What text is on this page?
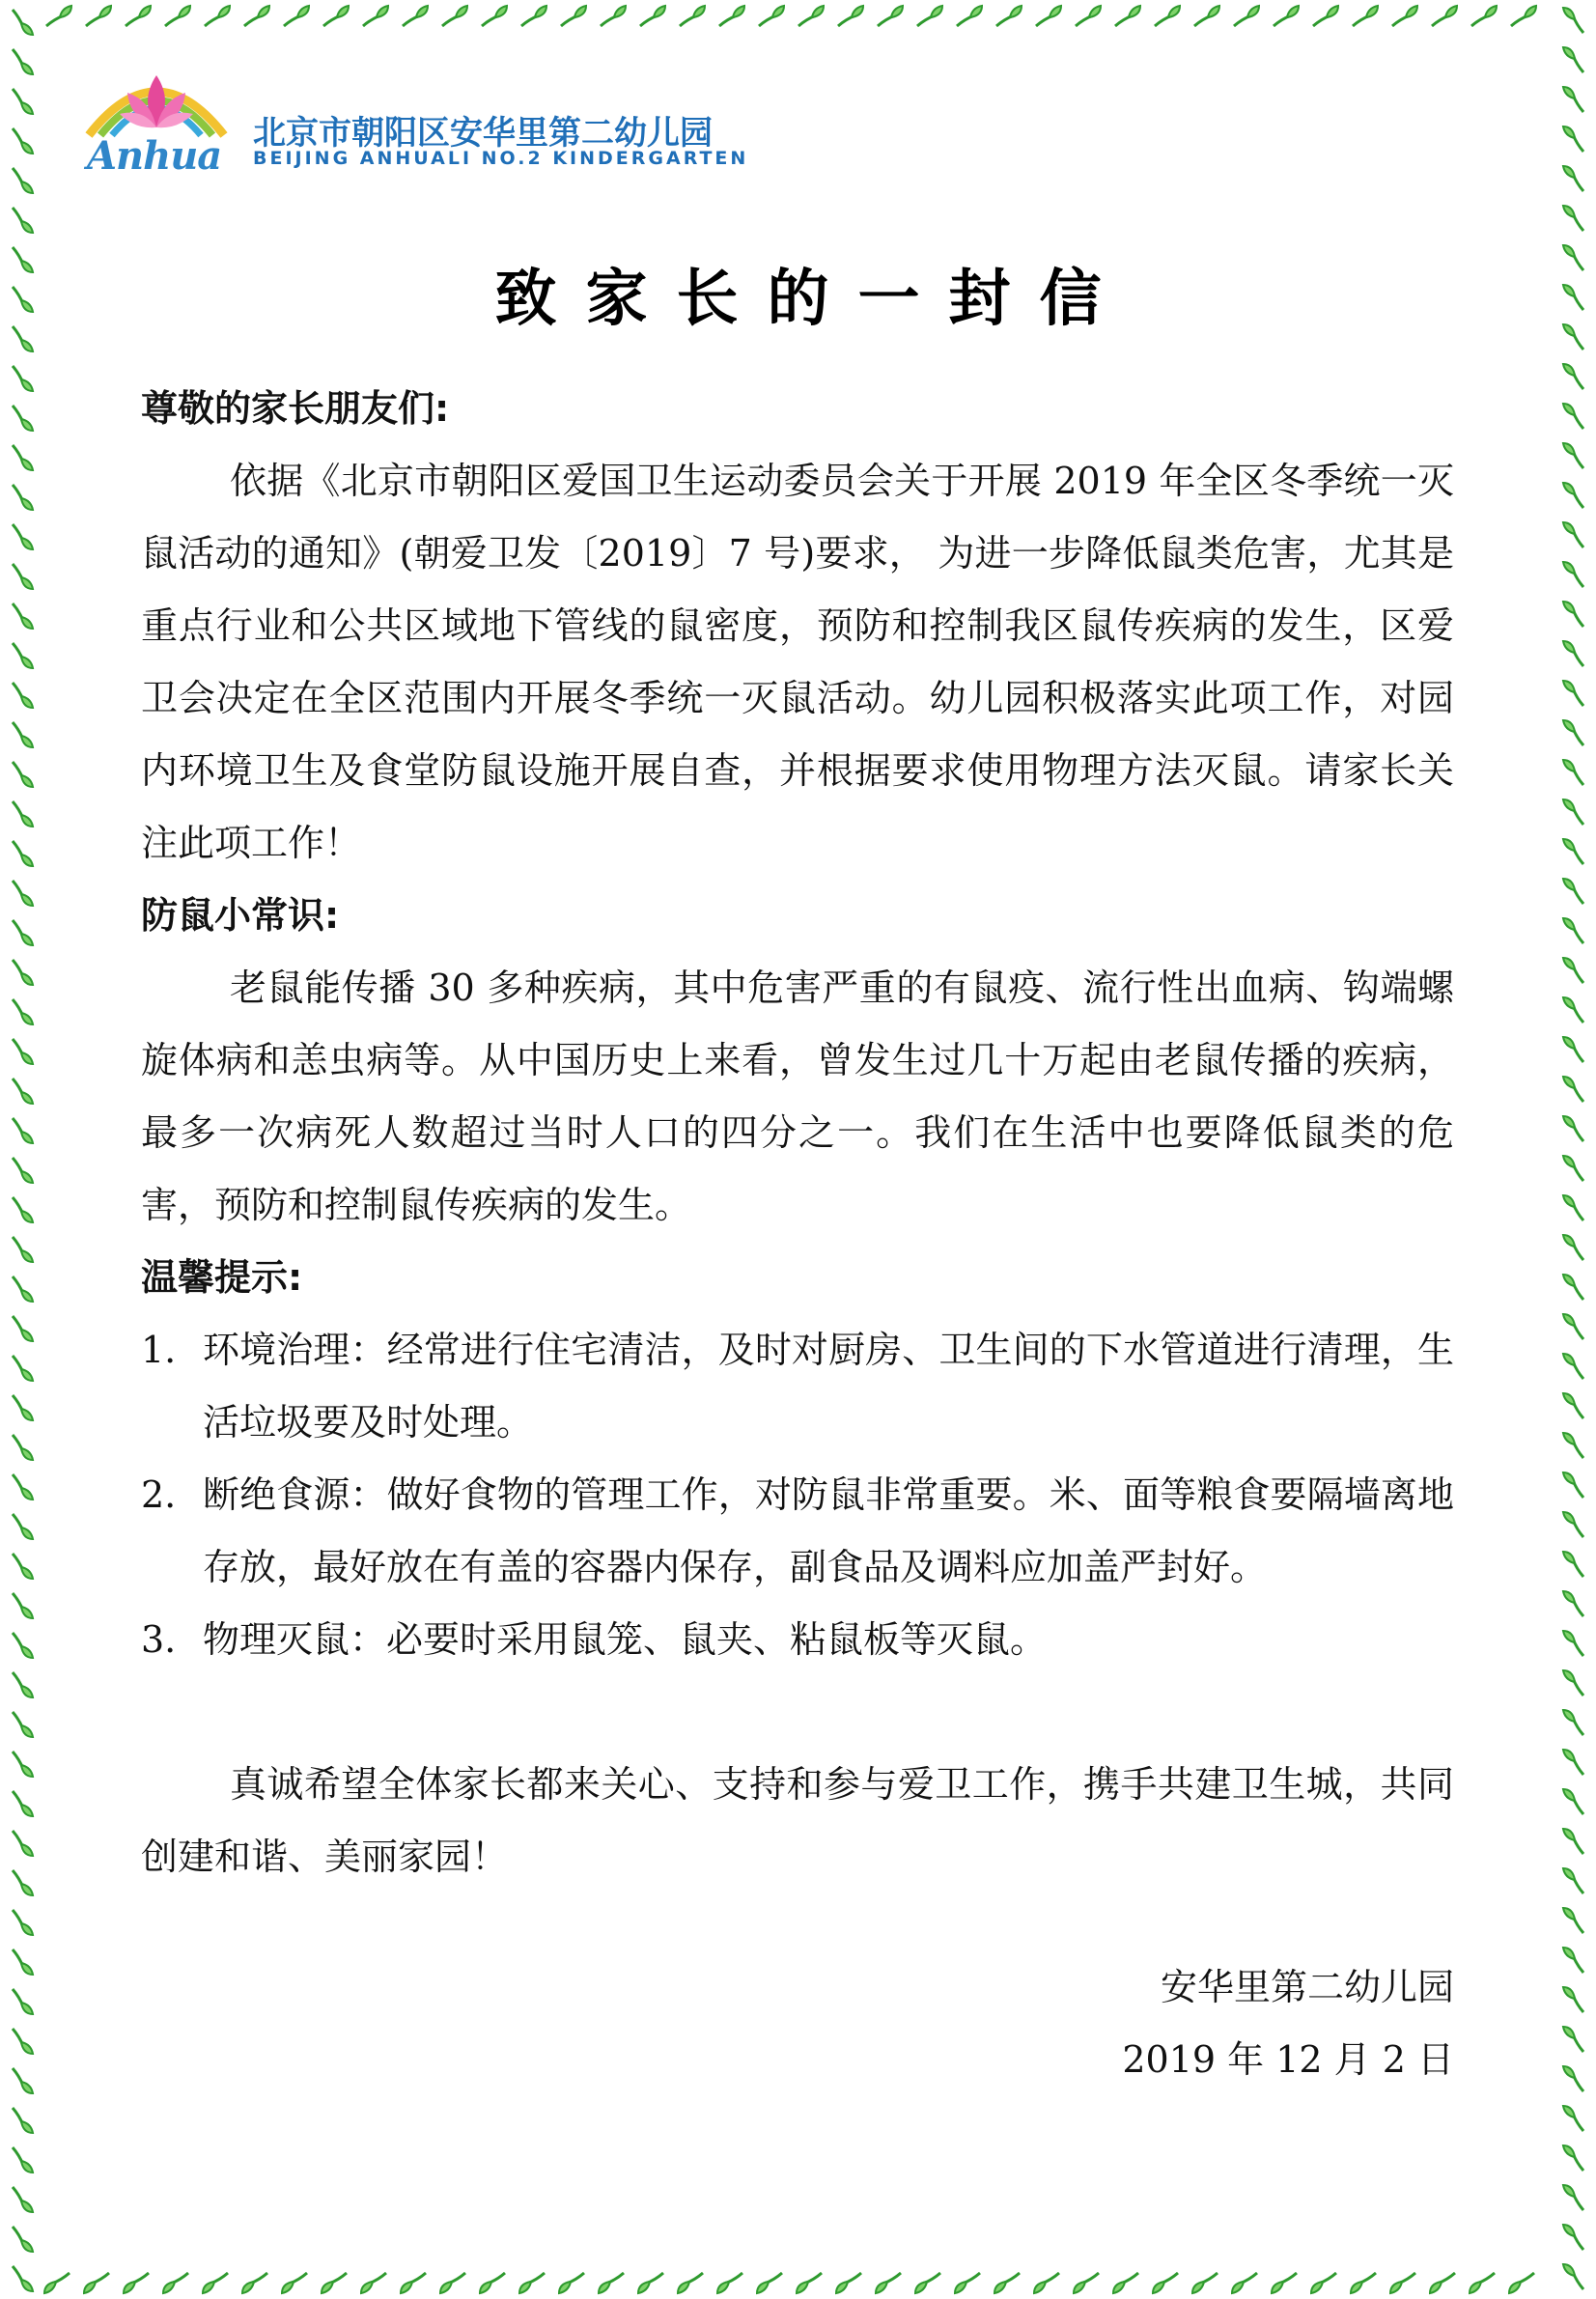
Anhua 北京市朝阳区安华里第二幼儿园
BEIJING ANHUALI NO.2 KINDERGARTEN
致家长的一封信

尊敬的家长朋友们:

依据《北京市朝阳区爱国卫生运动委员会关于开展 2019 年全区冬季统一灭鼠活动的通知》(朝爱卫发〔2019〕7 号)要求， 为进一步降低鼠类危害，尤其是重点行业和公共区域地下管线的鼠密度，预防和控制我区鼠传疾病的发生，区爱卫会决定在全区范围内开展冬季统一灭鼠活动。幼儿园积极落实此项工作，对园内环境卫生及食堂防鼠设施开展自查，并根据要求使用物理方法灭鼠。请家长关注此项工作！

防鼠小常识:

老鼠能传播 30 多种疾病，其中危害严重的有鼠疫、流行性出血病、钩端螺旋体病和恙虫病等。从中国历史上来看，曾发生过几十万起由老鼠传播的疾病，最多一次病死人数超过当时人口的四分之一。我们在生活中也要降低鼠类的危害，预防和控制鼠传疾病的发生。

温馨提示:

1. 环境治理：经常进行住宅清洁，及时对厨房、卫生间的下水管道进行清理，生活垃圾要及时处理。
2. 断绝食源：做好食物的管理工作，对防鼠非常重要。米、面等粮食要隔墙离地存放，最好放在有盖的容器内保存，副食品及调料应加盖严封好。
3. 物理灭鼠：必要时采用鼠笼、鼠夹、粘鼠板等灭鼠。

真诚希望全体家长都来关心、支持和参与爱卫工作，携手共建卫生城，共同创建和谐、美丽家园！

安华里第二幼儿园

2019 年 12 月 2 日
